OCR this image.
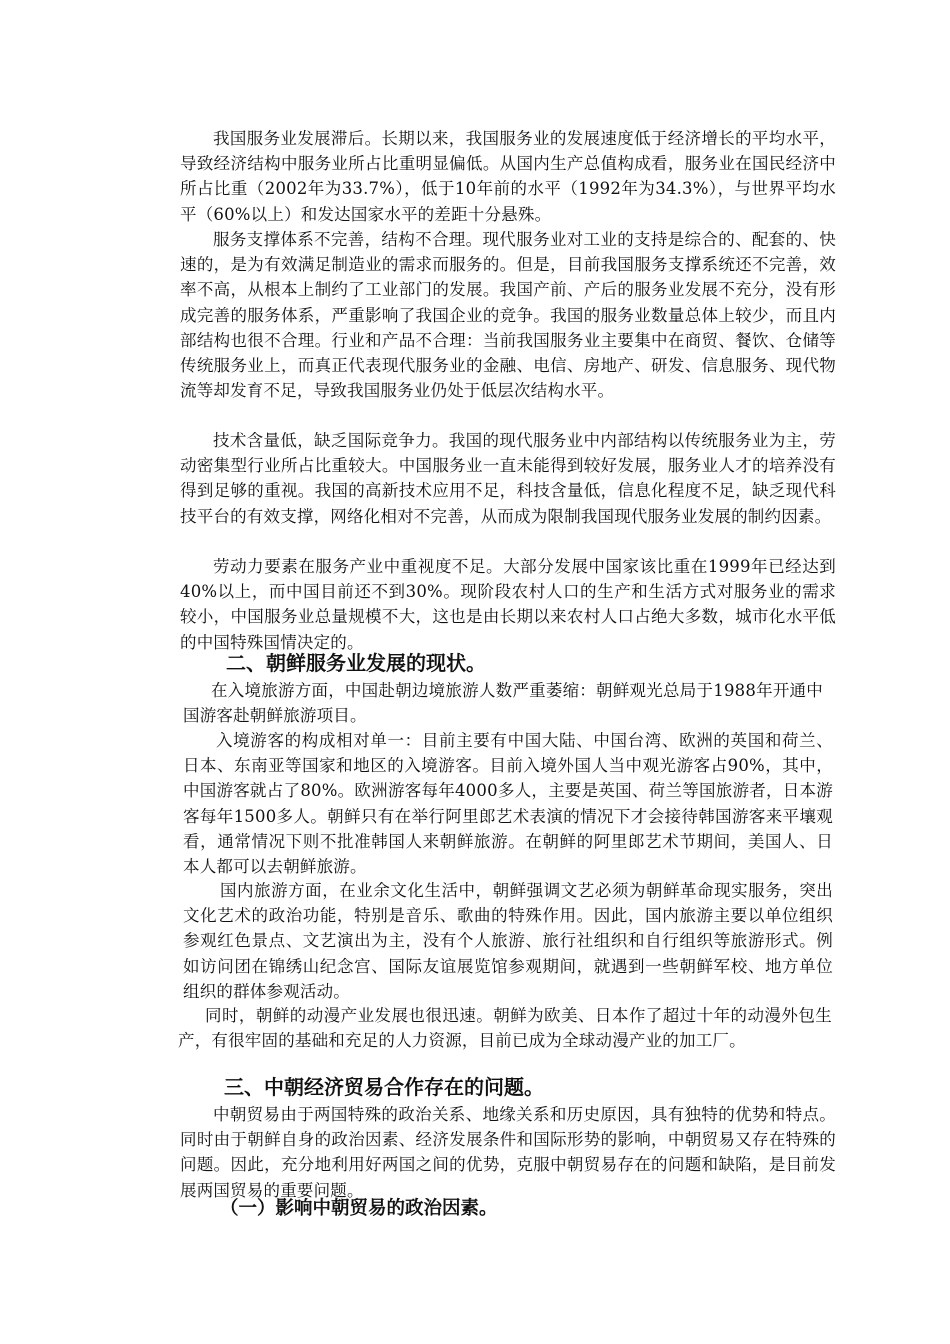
我国服务业发展滞后。长期以来，我国服务业的发展速度低于经济增长的平均水平，导致经济结构中服务业所占比重明显偏低。从国内生产总值构成看，服务业在国民经济中所占比重（2002年为33.7%），低于10年前的水平（1992年为34.3%），与世界平均水平（60%以上）和发达国家水平的差距十分悬殊。

服务支撑体系不完善，结构不合理。现代服务业对工业的支持是综合的、配套的、快速的，是为有效满足制造业的需求而服务的。但是，目前我国服务支撑系统还不完善，效率不高，从根本上制约了工业部门的发展。我国产前、产后的服务业发展不充分，没有形成完善的服务体系，严重影响了我国企业的竞争。我国的服务业数量总体上较少，而且内部结构也很不合理。行业和产品不合理：当前我国服务业主要集中在商贸、餐饮、仓储等传统服务业上，而真正代表现代服务业的金融、电信、房地产、研发、信息服务、现代物流等却发育不足，导致我国服务业仍处于低层次结构水平。

技术含量低，缺乏国际竞争力。我国的现代服务业中内部结构以传统服务业为主，劳动密集型行业所占比重较大。中国服务业一直未能得到较好发展，服务业人才的培养没有得到足够的重视。我国的高新技术应用不足，科技含量低，信息化程度不足，缺乏现代科技平台的有效支撑，网络化相对不完善，从而成为限制我国现代服务业发展的制约因素。

劳动力要素在服务产业中重视度不足。大部分发展中国家该比重在1999年已经达到40%以上，而中国目前还不到30%。现阶段农村人口的生产和生活方式对服务业的需求较小，中国服务业总量规模不大，这也是由长期以来农村人口占绝大多数，城市化水平低的中国特殊国情决定的。

二、朝鲜服务业发展的现状。

在入境旅游方面，中国赴朝边境旅游人数严重萎缩：朝鲜观光总局于1988年开通中国游客赴朝鲜旅游项目。

入境游客的构成相对单一：目前主要有中国大陆、中国台湾、欧洲的英国和荷兰、日本、东南亚等国家和地区的入境游客。目前入境外国人当中观光游客占90%，其中，中国游客就占了80%。欧洲游客每年4000多人，主要是英国、荷兰等国旅游者，日本游客每年1500多人。朝鲜只有在举行阿里郎艺术表演的情况下才会接待韩国游客来平壤观看，通常情况下则不批准韩国人来朝鲜旅游。在朝鲜的阿里郎艺术节期间，美国人、日本人都可以去朝鲜旅游。

国内旅游方面，在业余文化生活中，朝鲜强调文艺必须为朝鲜革命现实服务，突出文化艺术的政治功能，特别是音乐、歌曲的特殊作用。因此，国内旅游主要以单位组织参观红色景点、文艺演出为主，没有个人旅游、旅行社组织和自行组织等旅游形式。例如访问团在锦绣山纪念宫、国际友谊展览馆参观期间，就遇到一些朝鲜军校、地方单位组织的群体参观活动。

同时，朝鲜的动漫产业发展也很迅速。朝鲜为欧美、日本作了超过十年的动漫外包生产，有很牢固的基础和充足的人力资源，目前已成为全球动漫产业的加工厂。

三、中朝经济贸易合作存在的问题。

中朝贸易由于两国特殊的政治关系、地缘关系和历史原因，具有独特的优势和特点。同时由于朝鲜自身的政治因素、经济发展条件和国际形势的影响，中朝贸易又存在特殊的问题。因此，充分地利用好两国之间的优势，克服中朝贸易存在的问题和缺陷，是目前发展两国贸易的重要问题。

（一）影响中朝贸易的政治因素。
